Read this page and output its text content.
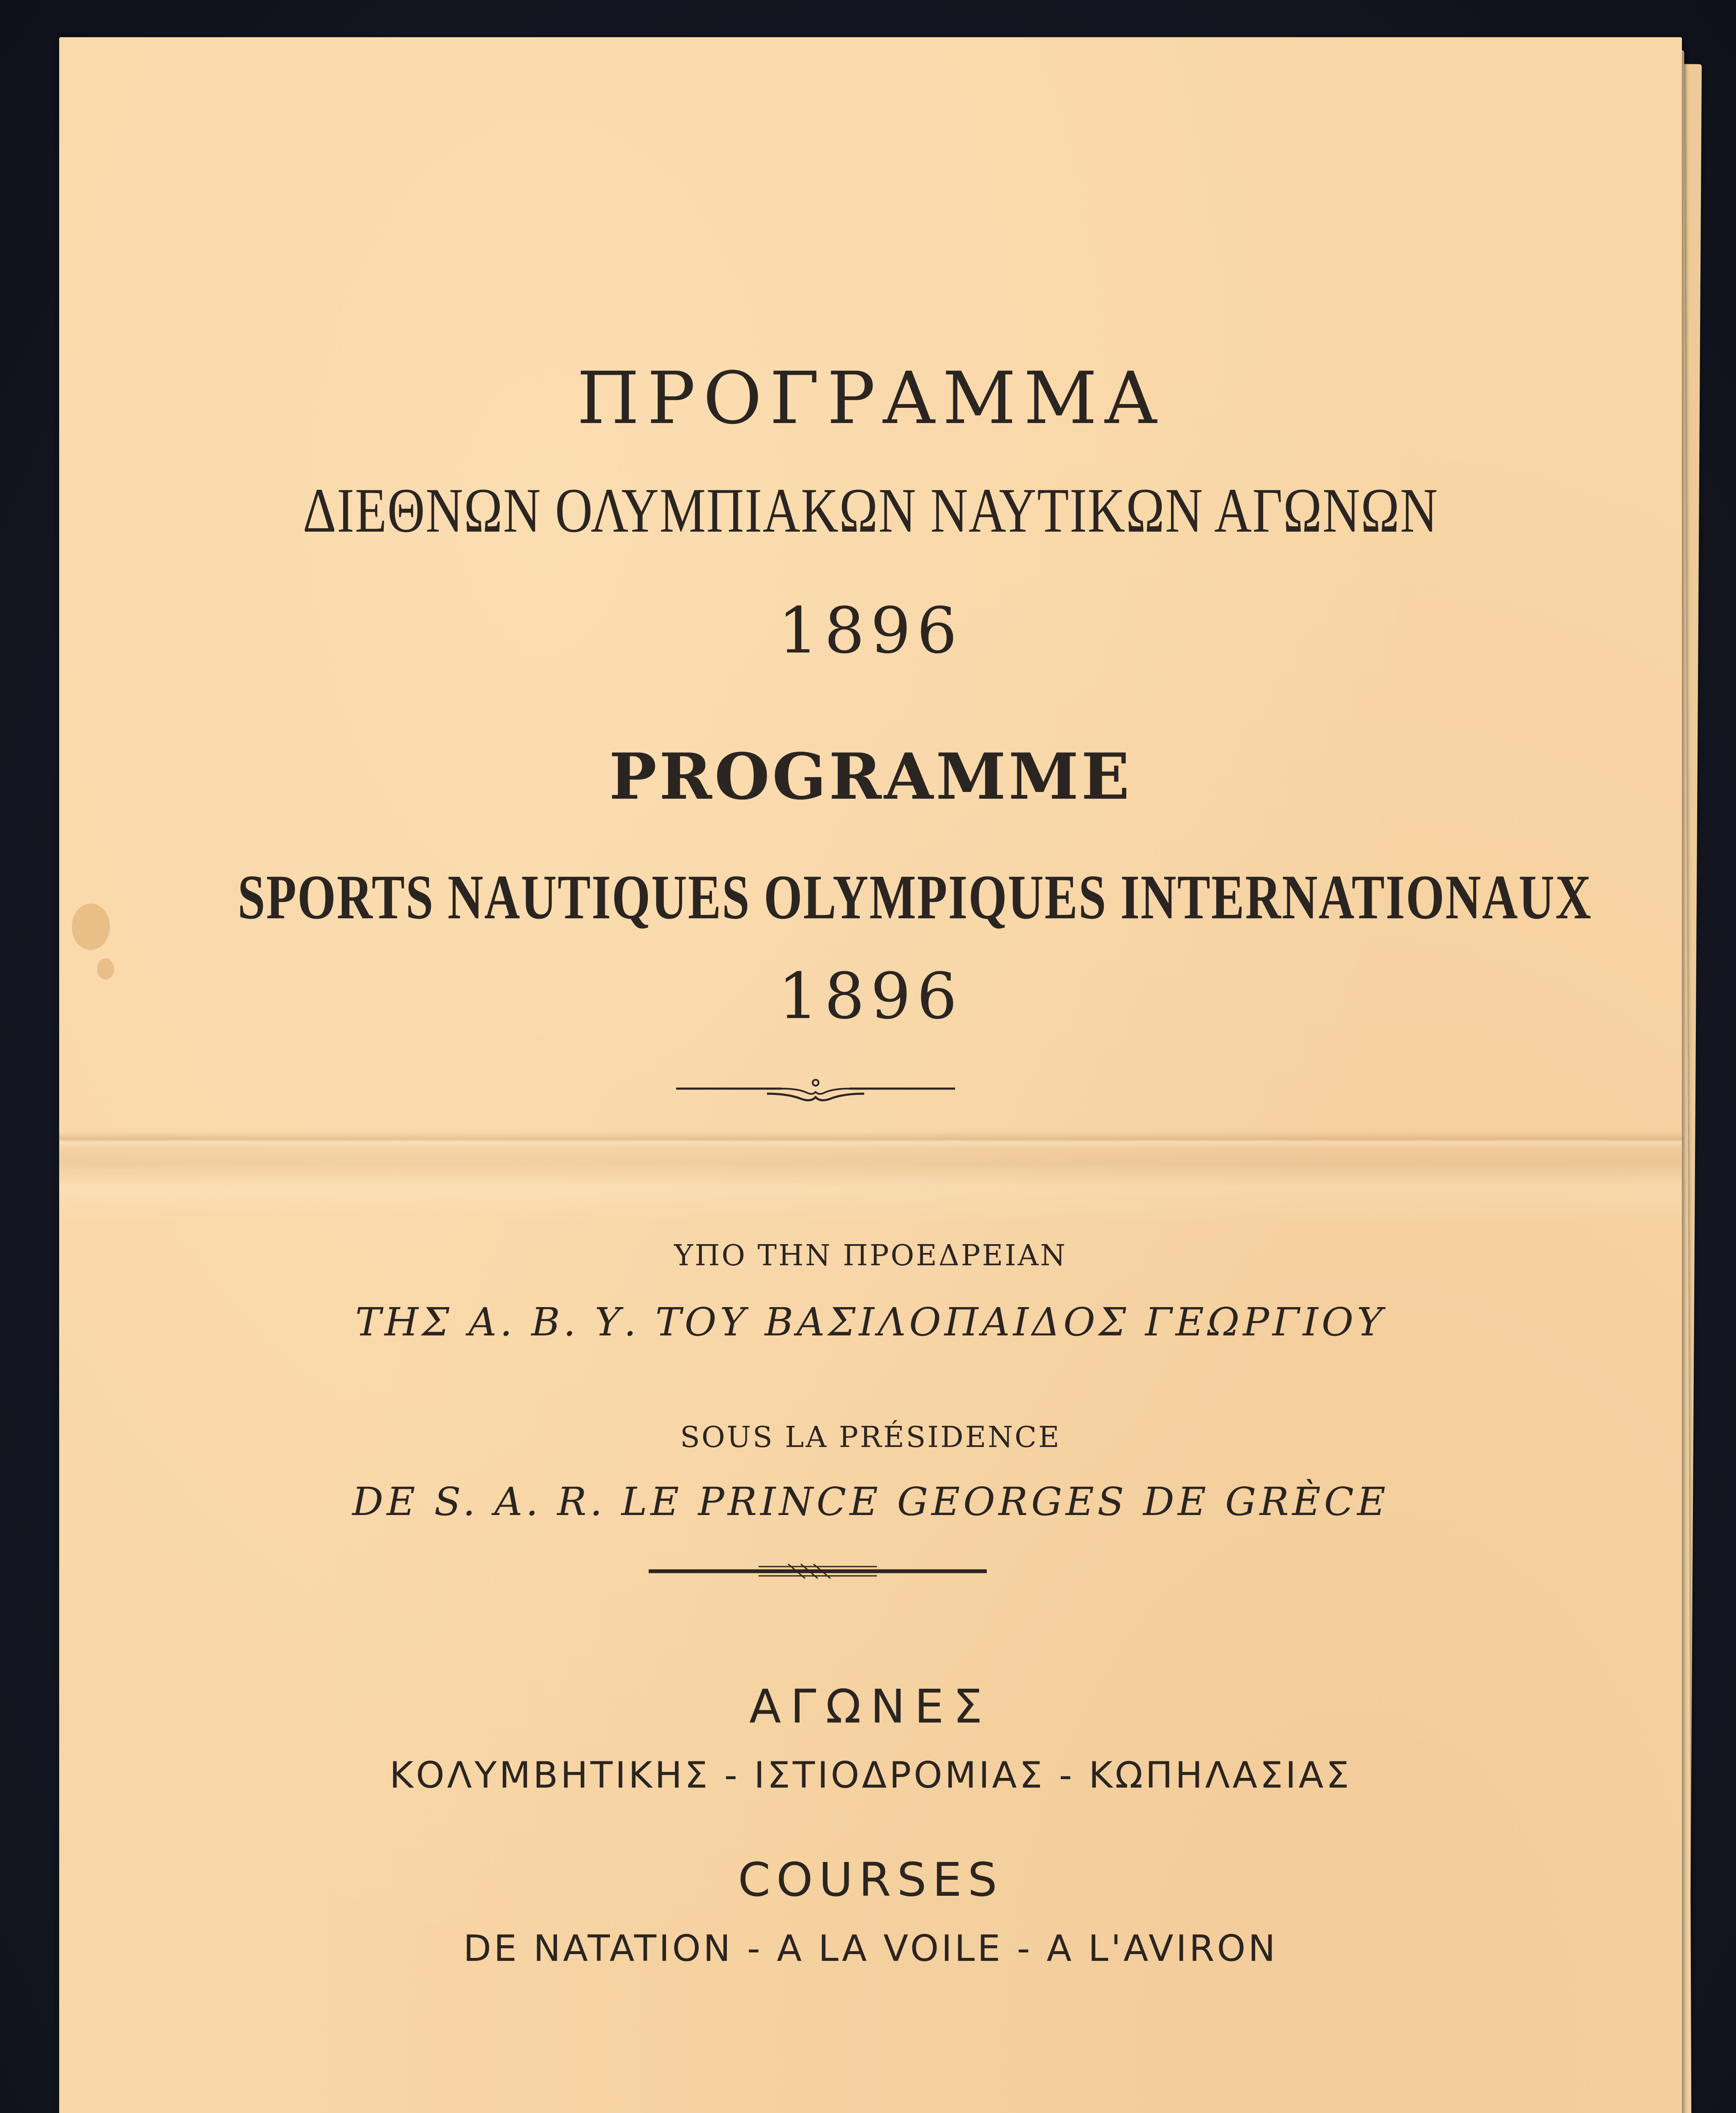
ΠΡΟΓΡΑΜΜΑ
ΔΙΕΘΝΩΝ ΟΛΥΜΠΙΑΚΩΝ ΝΑΥΤΙΚΩΝ ΑΓΩΝΩΝ
1896
PROGRAMME
SPORTS NAUTIQUES OLYMPIQUES INTERNATIONAUX
1896
ΥΠΟ ΤΗΝ ΠΡΟΕΔΡΕΙΑΝ
ΤΗΣ Α. Β. Υ. ΤΟΥ ΒΑΣΙΛΟΠΑΙΔΟΣ ΓΕΩΡΓΙΟΥ
SOUS LA PRÉSIDENCE
DE S. A. R. LE PRINCE GEORGES DE GRÈCE
ΑΓΩΝΕΣ
ΚΟΛΥΜΒΗΤΙΚΗΣ - ΙΣΤΙΟΔΡΟΜΙΑΣ - ΚΩΠΗΛΑΣΙΑΣ
COURSES
DE NATATION - A LA VOILE - A L'AVIRON
